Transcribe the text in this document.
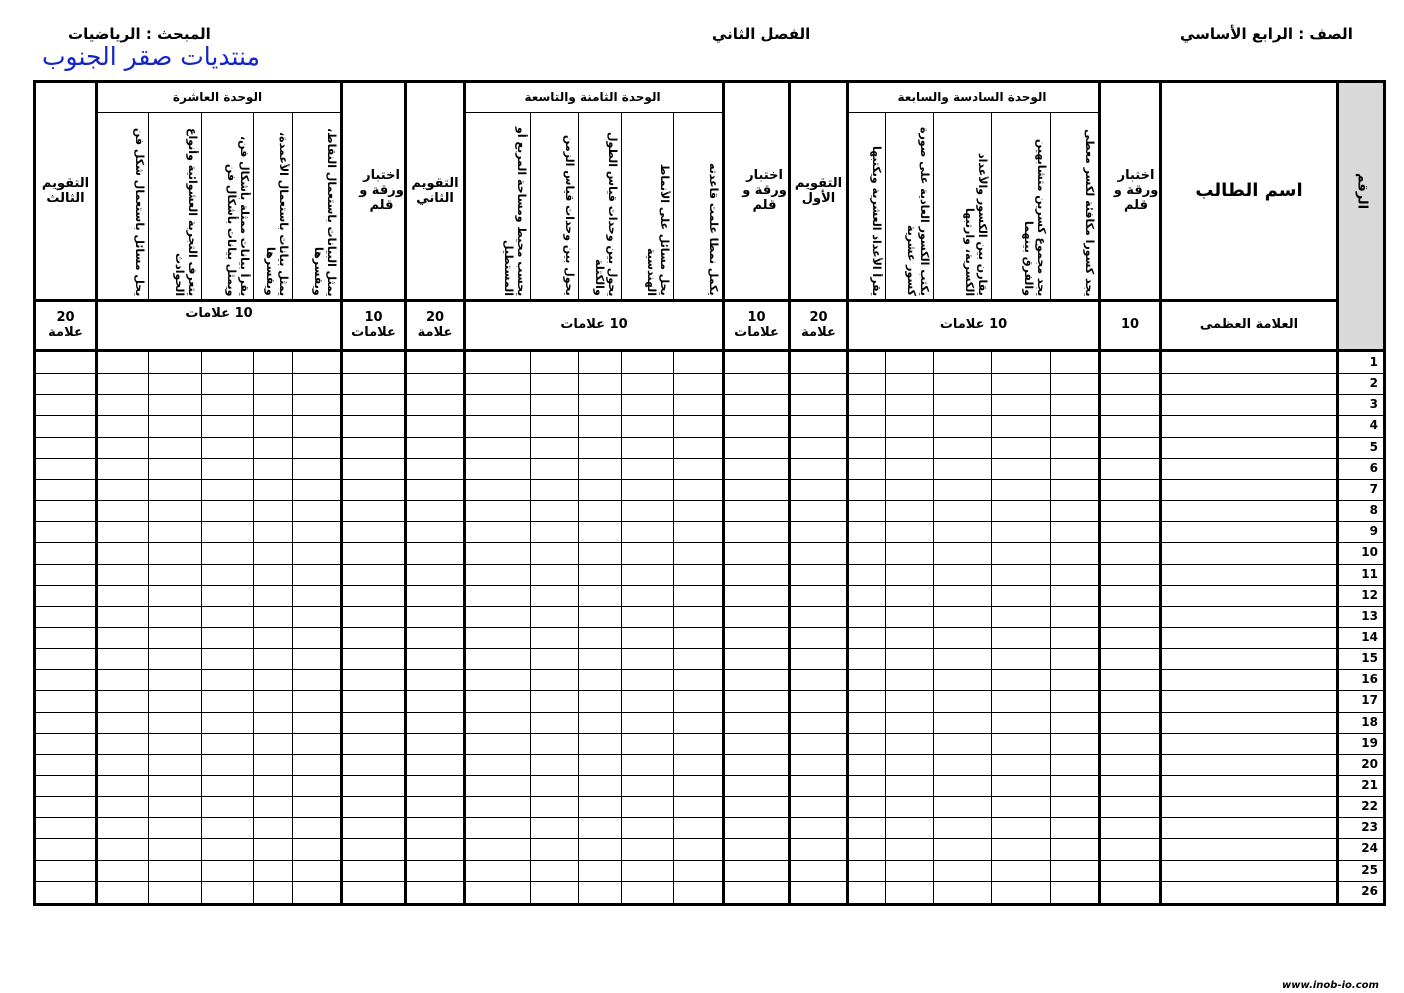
الصف : الرابع الأساسي
الفصل الثاني
المبحث : الرياضيات
منتديات صقر الجنوب
www.inob-io.com
الرقم
اسم الطالب
اختبار ورقة و قلم
التقويم الأول
اختبار ورقة و قلم
التقويم الثاني
اختبار ورقة و قلم
التقويم الثالث
الوحدة السادسة والسابعة
الوحدة الثامنة والتاسعة
الوحدة العاشرة
يجد كسورا مكافئة لكسر معطى
يجد مجموع كسرين متشابهين والفرق بينهما
يقارن بين الكسور والأعداد الكسرية، وارتبها
يكتب الكسور العادية على صورة كسور عشرية
يقرأ الأعداد العشرية ويكتبها
يكمل نمطا علمت قاعدته
يحل مسائل على الأنماط الهندسية
يحول بين وحدات قياس الطول والكتلة
يحول بين وحدات قياس الزمن
يحسب محيط ومساحة المربع أو المستطيل
يمثل البيانات باستعمال النقاط، ويفسرها
يمثل بيانات باستعمال الأعمدة، ويفسرها
يقرأ بيانات ممثلة بأشكال فن، ويمثل بيانات بأشكال فن
يتعرف التجربة العشوائية وأنواع الحوادث
يحل مسائل باستعمال شكل فن
العلامة العظمى
10
10 علامات
20
علامة
10
علامات
10 علامات
20
علامة
10
علامات
10 علامات
20
علامة
1
2
3
4
5
6
7
8
9
10
11
12
13
14
15
16
17
18
19
20
21
22
23
24
25
26
